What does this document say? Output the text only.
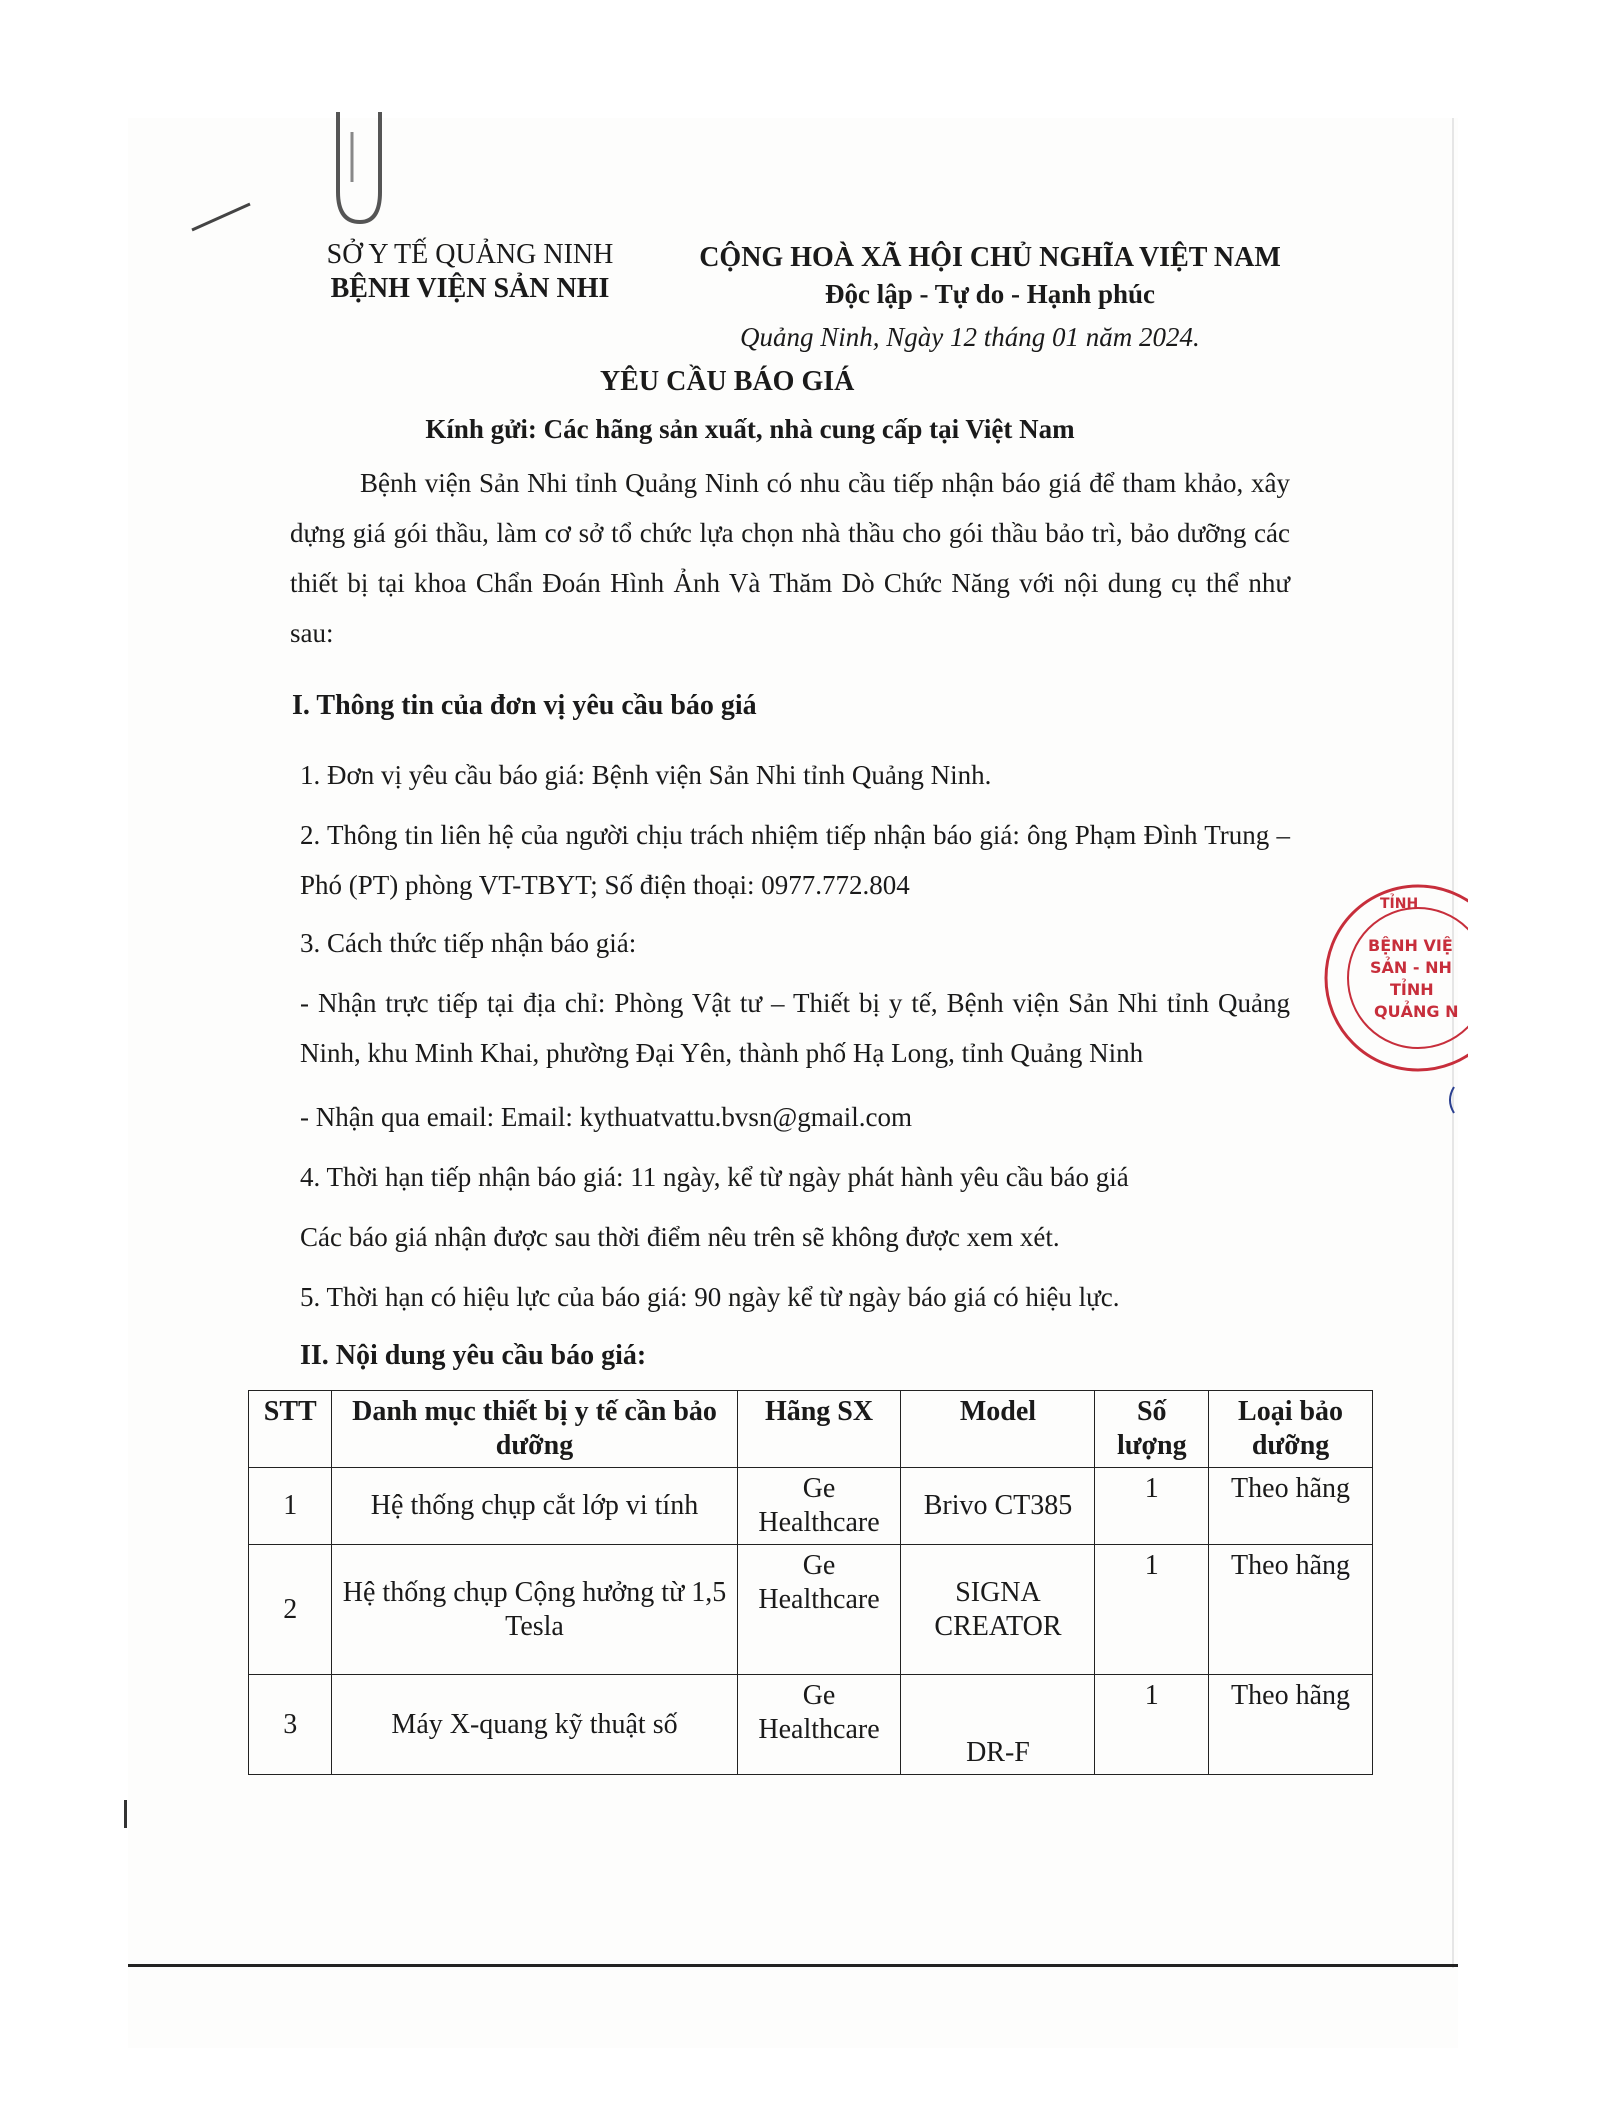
SỞ Y TẾ QUẢNG NINH
BỆNH VIỆN SẢN NHI
CỘNG HOÀ XÃ HỘI CHỦ NGHĨA VIỆT NAM
Độc lập - Tự do - Hạnh phúc
Quảng Ninh, Ngày 12 tháng 01 năm 2024.
YÊU CẦU BÁO GIÁ
Kính gửi: Các hãng sản xuất, nhà cung cấp tại Việt Nam
Bệnh viện Sản Nhi tỉnh Quảng Ninh có nhu cầu tiếp nhận báo giá để tham khảo, xây dựng giá gói thầu, làm cơ sở tổ chức lựa chọn nhà thầu cho gói thầu bảo trì, bảo dưỡng các thiết bị tại khoa Chẩn Đoán Hình Ảnh Và Thăm Dò Chức Năng với nội dung cụ thể như sau:
I. Thông tin của đơn vị yêu cầu báo giá
1. Đơn vị yêu cầu báo giá: Bệnh viện Sản Nhi tỉnh Quảng Ninh.
2. Thông tin liên hệ của người chịu trách nhiệm tiếp nhận báo giá: ông Phạm Đình Trung – Phó (PT) phòng VT-TBYT; Số điện thoại: 0977.772.804
3. Cách thức tiếp nhận báo giá:
- Nhận trực tiếp tại địa chỉ: Phòng Vật tư – Thiết bị y tế, Bệnh viện Sản Nhi tỉnh Quảng Ninh, khu Minh Khai, phường Đại Yên, thành phố Hạ Long, tỉnh Quảng Ninh
- Nhận qua email: Email: kythuatvattu.bvsn@gmail.com
4. Thời hạn tiếp nhận báo giá: 11 ngày, kể từ ngày phát hành yêu cầu báo giá
Các báo giá nhận được sau thời điểm nêu trên sẽ không được xem xét.
5. Thời hạn có hiệu lực của báo giá: 90 ngày kể từ ngày báo giá có hiệu lực.
II. Nội dung yêu cầu báo giá:
STT	Danh mục thiết bị y tế cần bảo dưỡng	Hãng SX	Model	Số lượng	Loại bảo dưỡng
1	Hệ thống chụp cắt lớp vi tính	Ge Healthcare	Brivo CT385	1	Theo hãng
2	Hệ thống chụp Cộng hưởng từ 1,5 Tesla	Ge Healthcare	SIGNA CREATOR	1	Theo hãng
3	Máy X-quang kỹ thuật số	Ge Healthcare	DR-F	1	Theo hãng
TỈNH
BỆNH VIỆ
SẢN - NH
TỈNH
QUẢNG N
